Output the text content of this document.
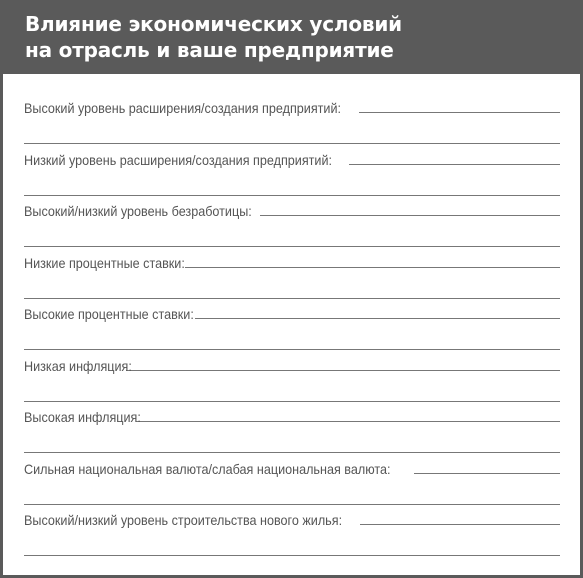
Влияние экономических условий
на отрасль и ваше предприятие
Высокий уровень расширения/создания предприятий:
Низкий уровень расширения/создания предприятий:
Высокий/низкий уровень безработицы:
Низкие процентные ставки:
Высокие процентные ставки:
Низкая инфляция:
Высокая инфляция:
Сильная национальная валюта/слабая национальная валюта:
Высокий/низкий уровень строительства нового жилья:
